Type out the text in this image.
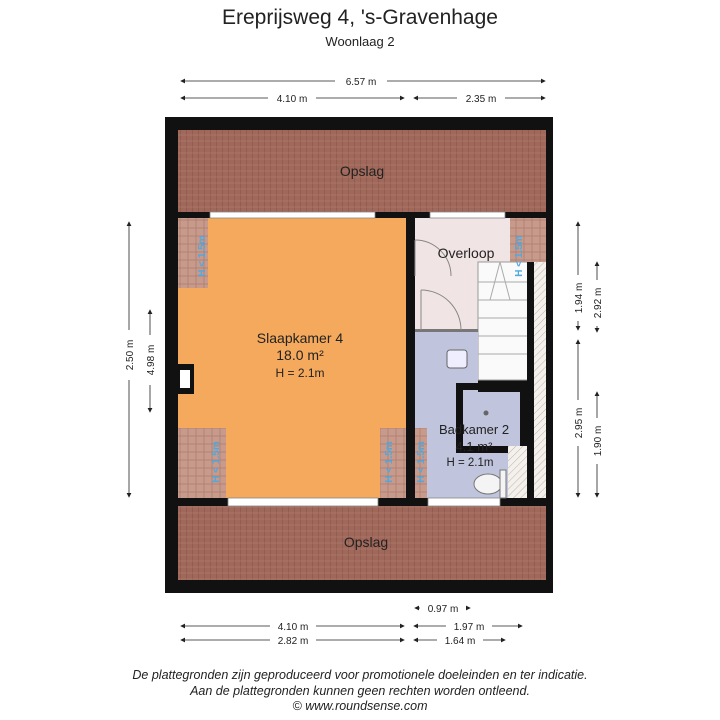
Ereprijsweg 4, 's-Gravenhage
Woonlaag 2
Opslag
Opslag
Overloop
Slaapkamer 4
18.0 m²
H = 2.1m
Badkamer 2
4.1 m²
H = 2.1m
H < 1.5m
H < 1.5m	H < 1.5m H < 1.5m
H < 1.5m
6.57 m
4.10 m	2.35 m
2.50 m 4.98 m
1.94 m 2.92 m
2.95 m
1.90 m
0.97 m
4.10 m	1.97 m
2.82 m	1.64 m
De plattegronden zijn geproduceerd voor promotionele doeleinden en ter indicatie.
Aan de plattegronden kunnen geen rechten worden ontleend.
© www.roundsense.com
